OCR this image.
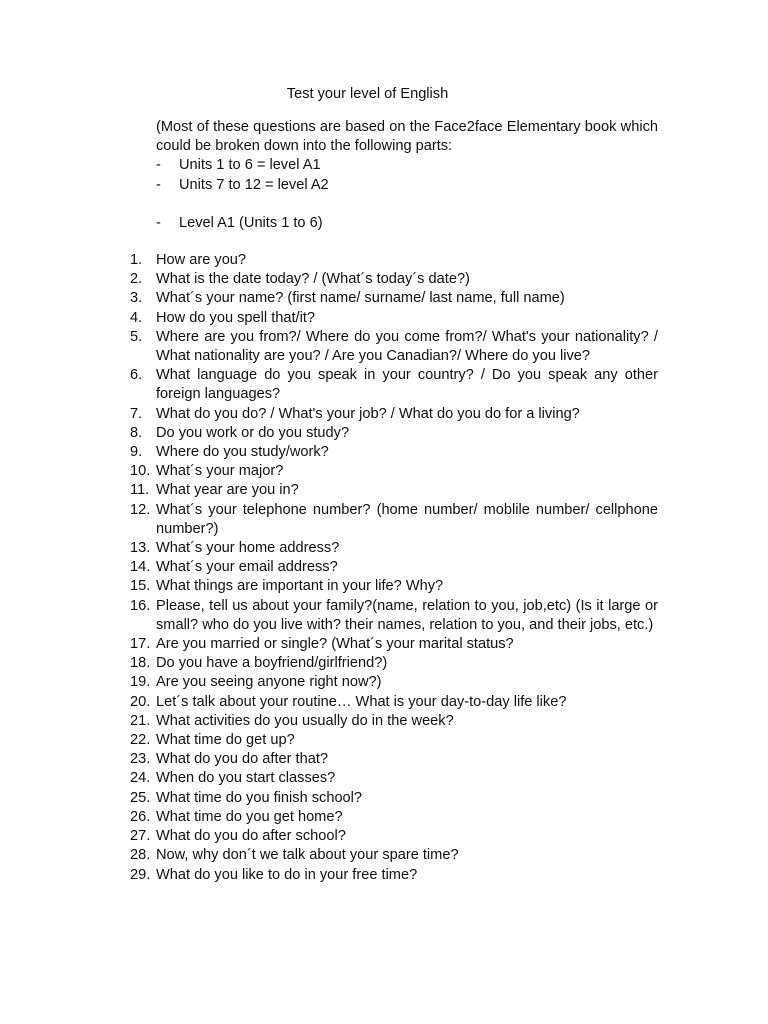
Test your level of English

(Most of these questions are based on the Face2face Elementary book which could be broken down into the following parts:

-	Units 1 to 6 = level A1
-	Units 7 to 12 = level A2
-	Level A1 (Units 1 to 6)
1. How are you?
2. What is the date today? / (What´s today´s date?)
3. What´s your name? (first name/ surname/ last name, full name)
4. How do you spell that/it?
5. Where are you from?/ Where do you come from?/ What's your nationality? / What nationality are you? / Are you Canadian?/ Where do you live?
6. What language do you speak in your country? / Do you speak any other foreign languages?
7. What do you do? / What's your job? / What do you do for a living?
8. Do you work or do you study?
9. Where do you study/work?
10. What´s your major?
11. What year are you in?
12. What´s your telephone number? (home number/ moblile number/ cellphone number?)
13. What´s your home address?
14. What´s your email address?
15. What things are important in your life? Why?
16. Please, tell us about your family?(name, relation to you, job,etc) (Is it large or small? who do you live with? their names, relation to you, and their jobs, etc.)
17. Are you married or single? (What´s your marital status?
18. Do you have a boyfriend/girlfriend?)
19. Are you seeing anyone right now?)
20. Let´s talk about your routine… What is your day-to-day life like?
21. What activities do you usually do in the week?
22. What time do get up?
23. What do you do after that?
24. When do you start classes?
25. What time do you finish school?
26. What time do you get home?
27. What do you do after school?
28. Now, why don´t we talk about your spare time?
29. What do you like to do in your free time?
